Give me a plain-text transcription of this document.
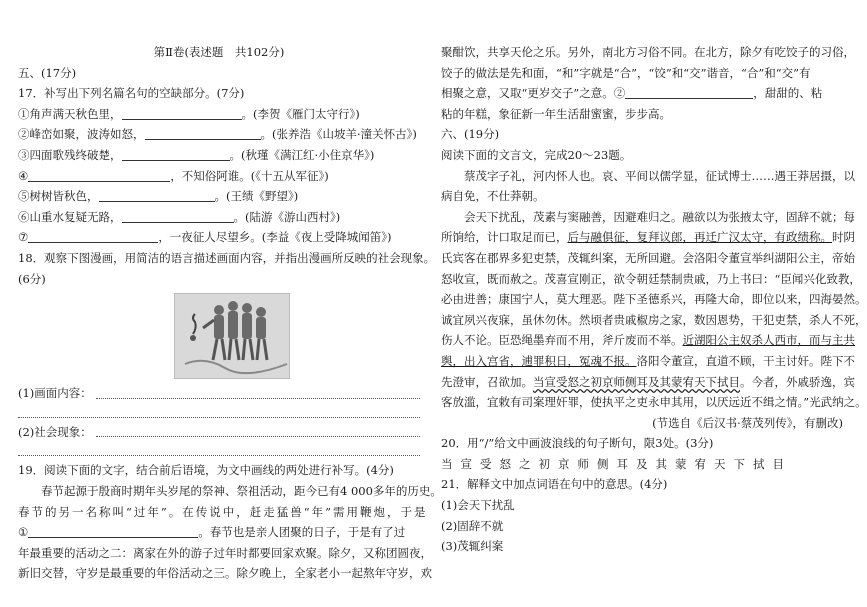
第Ⅱ卷(表述题　共102分)
五、(17分)
17．补写出下列名篇名句的空缺部分。(7分)
①角声满天秋色里，	。(李贺《雁门太守行》)
②峰峦如聚，波涛如怒，	。(张养浩《山坡羊·潼关怀古》)
③四面歌残终破楚，	。(秋瑾《满江红·小住京华》)
④	，不知俗阿谁。(《十五从军征》)
⑤树树皆秋色，	。(王绩《野望》)
⑥山重水复疑无路，	。(陆游《游山西村》)
⑦	，一夜征人尽望乡。(李益《夜上受降城闻笛》)
18．观察下图漫画，用简洁的语言描述画面内容，并指出漫画所反映的社会现象。
(6分)
(1)画面内容：
(2)社会现象：
19．阅读下面的文字，结合前后语境，为文中画线的两处进行补写。(4分)
春节起源于殷商时期年头岁尾的祭神、祭祖活动，距今已有4 000多年的历史。
春节的另一名称叫“过年”。在传说中，赶走猛兽“年”需用鞭炮，于是
①	。春节也是亲人团聚的日子，于是有了过
年最重要的活动之二：离家在外的游子过年时都要回家欢聚。除夕，又称团圆夜，
新旧交替，守岁是最重要的年俗活动之三。除夕晚上，全家老小一起熬年守岁，欢
聚酣饮，共享天伦之乐。另外，南北方习俗不同。在北方，除夕有吃饺子的习俗，
饺子的做法是先和面，“和”字就是“合”，“饺”和“交”谐音，“合”和“交”有
相聚之意，又取“更岁交子”之意。②	，甜甜的、粘
粘的年糕，象征新一年生活甜蜜蜜，步步高。
六、(19分)
阅读下面的文言文，完成20～23题。
蔡茂字子礼，河内怀人也。哀、平间以儒学显，征试博士……遇王莽居摄，以
病自免，不仕莽朝。
会天下扰乱，茂素与窦融善，因避难归之。融欲以为张掖太守，固辞不就；每
所饷给，计口取足而已，后与融俱征，复拜议郎，再迁广汉太守，有政绩称。时阴
氏宾客在郡界多犯吏禁，茂辄纠案，无所回避。会洛阳令董宣举纠湖阳公主，帝始
怒收宣，既而赦之。茂喜宣刚正，欲令朝廷禁制贵戚，乃上书曰：“臣闻兴化致教，
必由进善；康国宁人，莫大理恶。陛下圣德系兴，再隆大命，即位以来，四海晏然。
诚宜夙兴夜寐，虽休勿休。然顷者贵戚椒房之家，数因恩势，干犯吏禁，杀人不死，
伤人不论。臣恐绳墨弃而不用，斧斤废而不举。近湖阳公主奴杀人西市，而与主共
舆，出入宫省，逋罪积日，冤魂不报。洛阳令董宣，直道不顾，干主讨奸。陛下不
先澄审，召欲加。当宣受怒之初京师侧耳及其蒙宥天下拭目。今者，外戚骄逸，宾
客放滥，宜敕有司案理奸罪，使执平之吏永申其用，以厌远近不缉之情。”光武纳之。
(节选自《后汉书·蔡茂列传》，有删改)
20．用“/”给文中画波浪线的句子断句，限3处。(3分)
当宣受怒之初京师侧耳及其蒙宥天下拭目
21．解释文中加点词语在句中的意思。(4分)
(1)会天下扰乱
(2)固辞不就
(3)茂辄纠案
